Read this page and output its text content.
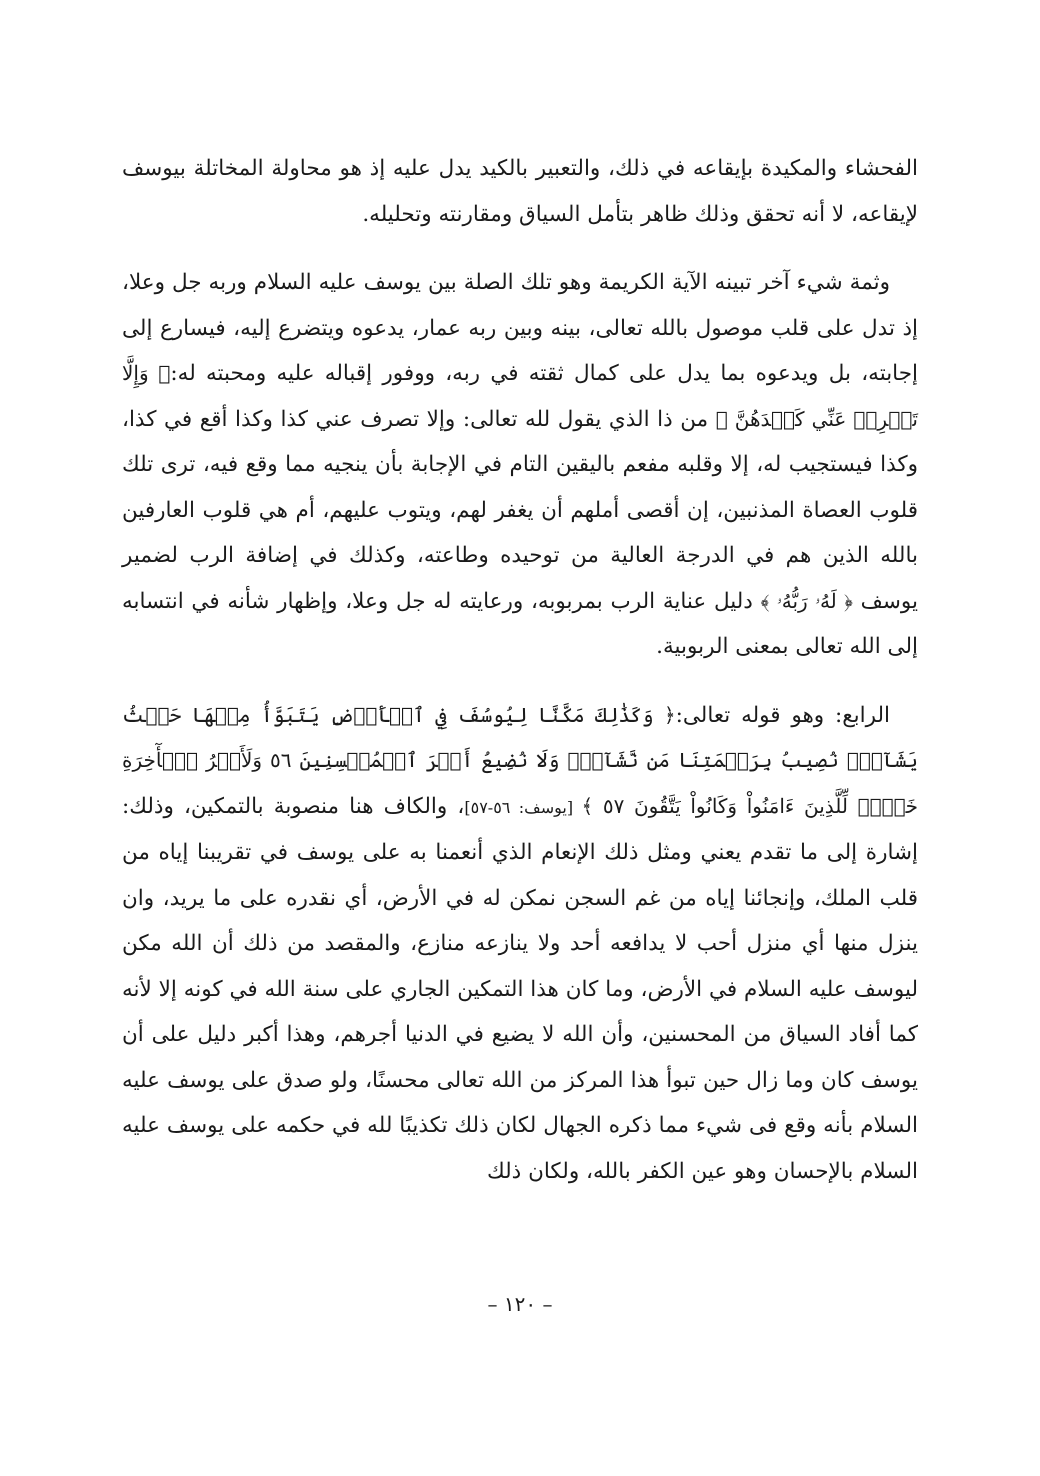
الفحشاء والمكيدة بإيقاعه في ذلك، والتعبير بالكيد يدل عليه إذ هو محاولة المخاتلة بيوسف لإيقاعه، لا أنه تحقق وذلك ظاهر بتأمل السياق ومقارنته وتحليله.

وثمة شيء آخر تبينه الآية الكريمة وهو تلك الصلة بين يوسف عليه السلام وربه جل وعلا، إذ تدل على قلب موصول بالله تعالى، بينه وبين ربه عمار، يدعوه ويتضرع إليه، فيسارع إلى إجابته، بل ويدعوه بما يدل على كمال ثقته في ربه، ووفور إقباله عليه ومحبته له:﴿ وَإِلَّا تَصۡرِفۡ عَنِّي كَيۡدَهُنَّ ﴾ من ذا الذي يقول لله تعالى: وإلا تصرف عني كذا وكذا أقع في كذا، وكذا فيستجيب له، إلا وقلبه مفعم باليقين التام في الإجابة بأن ينجيه مما وقع فيه، ترى تلك قلوب العصاة المذنبين، إن أقصى أملهم أن يغفر لهم، ويتوب عليهم، أم هي قلوب العارفين بالله الذين هم في الدرجة العالية من توحيده وطاعته، وكذلك في إضافة الرب لضمير يوسف ﴿ لَهُۥ رَبُّهُۥ ﴾ دليل عناية الرب بمربوبه، ورعايته له جل وعلا، وإظهار شأنه في انتسابه إلى الله تعالى بمعنى الربوبية.

الرابع: وهو قوله تعالى:﴿ وَكَذَٰلِكَ مَكَّنَّا لِيُوسُفَ فِي ٱلۡأَرۡضِ يَتَبَوَّأُ مِنۡهَا حَيۡثُ يَشَآءُۚ نُصِيبُ بِرَحۡمَتِنَا مَن نَّشَآءُۖ وَلَا نُضِيعُ أَجۡرَ ٱلۡمُحۡسِنِينَ ٥٦ وَلَأَجۡرُ ٱلۡأٓخِرَةِ خَيۡرٞ لِّلَّذِينَ ءَامَنُواْ وَكَانُواْ يَتَّقُونَ ٥٧ ﴾ [يوسف: ٥٦-٥٧]، والكاف هنا منصوبة بالتمكين، وذلك: إشارة إلى ما تقدم يعني ومثل ذلك الإنعام الذي أنعمنا به على يوسف في تقريبنا إياه من قلب الملك، وإنجائنا إياه من غم السجن نمكن له في الأرض، أي نقدره على ما يريد، وان ينزل منها أي منزل أحب لا يدافعه أحد ولا ينازعه منازع، والمقصد من ذلك أن الله مكن ليوسف عليه السلام في الأرض، وما كان هذا التمكين الجاري على سنة الله في كونه إلا لأنه كما أفاد السياق من المحسنين، وأن الله لا يضيع في الدنيا أجرهم، وهذا أكبر دليل على أن يوسف كان وما زال حين تبوأ هذا المركز من الله تعالى محسنًا، ولو صدق على يوسف عليه السلام بأنه وقع فى شيء مما ذكره الجهال لكان ذلك تكذيبًا لله في حكمه على يوسف عليه السلام بالإحسان وهو عين الكفر بالله، ولكان ذلك

– ١٢٠ –
